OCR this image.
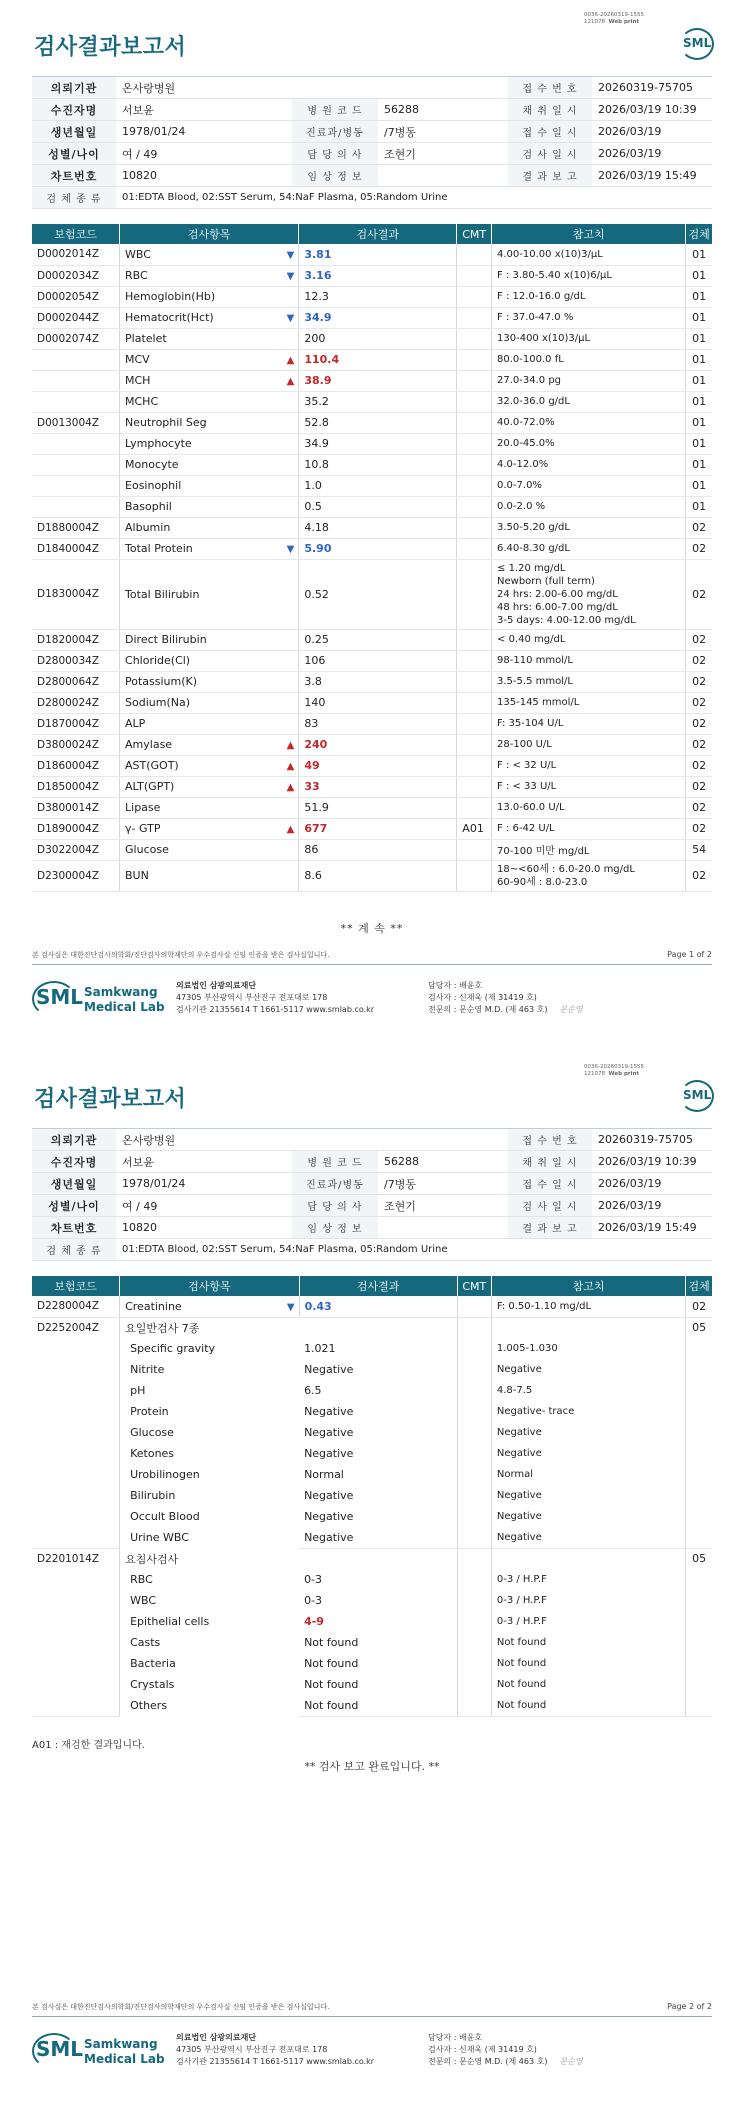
0036-20260319-1555
121078 Web print
검사결과보고서	SML
의뢰기관	온사랑병원			접 수 번 호	20260319-75705
수진자명	서보윤	병 원 코 드	56288	채 취 일 시	2026/03/19 10:39
생년월일	1978/01/24	진료과/병동	/7병동	접 수 일 시	2026/03/19
성별/나이	여 / 49	담 당 의 사	조현기	검 사 일 시	2026/03/19
차트번호	10820	임 상 정 보		결 과 보 고	2026/03/19 15:49
검 체 종 류	01:EDTA Blood, 02:SST Serum, 54:NaF Plasma, 05:Random Urine				
보험코드	검사항목		검사결과	CMT	참고치	검체
D0002014Z	WBC	▼	3.81		4.00-10.00 x(10)3/μL	01
D0002034Z	RBC	▼	3.16		F : 3.80-5.40 x(10)6/μL	01
D0002054Z	Hemoglobin(Hb)		12.3		F : 12.0-16.0 g/dL	01
D0002044Z	Hematocrit(Hct)	▼	34.9		F : 37.0-47.0 %	01
D0002074Z	Platelet		200		130-400 x(10)3/μL	01
	MCV	▲	110.4		80.0-100.0 fL	01
	MCH	▲	38.9		27.0-34.0 pg	01
	MCHC		35.2		32.0-36.0 g/dL	01
D0013004Z	Neutrophil Seg		52.8		40.0-72.0%	01
	Lymphocyte		34.9		20.0-45.0%	01
	Monocyte		10.8		4.0-12.0%	01
	Eosinophil		1.0		0.0-7.0%	01
	Basophil		0.5		0.0-2.0 %	01
D1880004Z	Albumin		4.18		3.50-5.20 g/dL	02
D1840004Z	Total Protein	▼	5.90		6.40-8.30 g/dL	02
D1830004Z	Total Bilirubin		0.52		≤ 1.20 mg/dL
Newborn (full term)
24 hrs: 2.00-6.00 mg/dL
48 hrs: 6.00-7.00 mg/dL
3-5 days: 4.00-12.00 mg/dL	02
D1820004Z	Direct Bilirubin		0.25		< 0.40 mg/dL	02
D2800034Z	Chloride(Cl)		106		98-110 mmol/L	02
D2800064Z	Potassium(K)		3.8		3.5-5.5 mmol/L	02
D2800024Z	Sodium(Na)		140		135-145 mmol/L	02
D1870004Z	ALP		83		F: 35-104 U/L	02
D3800024Z	Amylase	▲	240		28-100 U/L	02
D1860004Z	AST(GOT)	▲	49		F : < 32 U/L	02
D1850004Z	ALT(GPT)	▲	33		F : < 33 U/L	02
D3800014Z	Lipase		51.9		13.0-60.0 U/L	02
D1890004Z	γ- GTP	▲	677	A01	F : 6-42 U/L	02
D3022004Z	Glucose		86		70-100 미만 mg/dL	54
D2300004Z	BUN		8.6		18~<60세 : 6.0-20.0 mg/dL
60-90세 : 8.0-23.0	02
** 계 속 **
본 검사실은 대한진단검사의학회/진단검사의학재단의 우수검사실 신임 인증을 받은 검사실입니다.	Page 1 of 2
SML Samkwang
Medical Lab
의료법인 삼광의료재단
47305 부산광역시 부산진구 전포대로 178
검사기관 21355614 T 1661-5117 www.smlab.co.kr
담당자 : 배윤호
검사자 : 신재욱 (제 31419 호)
전문의 : 문순영 M.D. (제 463 호) 문순영
0036-20260319-1555
121078 Web print
검사결과보고서	SML
의뢰기관	온사랑병원			접 수 번 호	20260319-75705
수진자명	서보윤	병 원 코 드	56288	채 취 일 시	2026/03/19 10:39
생년월일	1978/01/24	진료과/병동	/7병동	접 수 일 시	2026/03/19
성별/나이	여 / 49	담 당 의 사	조현기	검 사 일 시	2026/03/19
차트번호	10820	임 상 정 보		결 과 보 고	2026/03/19 15:49
검 체 종 류	01:EDTA Blood, 02:SST Serum, 54:NaF Plasma, 05:Random Urine				
보험코드	검사항목		검사결과	CMT	참고치	검체
D2280004Z	Creatinine	▼	0.43		F: 0.50-1.10 mg/dL	02
D2252004Z	요일반검사 7종					05
	Specific gravity		1.021		1.005-1.030	
	Nitrite		Negative		Negative	
	pH		6.5		4.8-7.5	
	Protein		Negative		Negative- trace	
	Glucose		Negative		Negative	
	Ketones		Negative		Negative	
	Urobilinogen		Normal		Normal	
	Bilirubin		Negative		Negative	
	Occult Blood		Negative		Negative	
	Urine WBC		Negative		Negative	
D2201014Z	요침사검사					05
	RBC		0-3		0-3 / H.P.F	
	WBC		0-3		0-3 / H.P.F	
	Epithelial cells		4-9		0-3 / H.P.F	
	Casts		Not found		Not found	
	Bacteria		Not found		Not found	
	Crystals		Not found		Not found	
	Others		Not found		Not found	
A01 : 재검한 결과입니다.
** 검사 보고 완료입니다. **
본 검사실은 대한진단검사의학회/진단검사의학재단의 우수검사실 신임 인증을 받은 검사실입니다.	Page 2 of 2
SML Samkwang
Medical Lab
의료법인 삼광의료재단
47305 부산광역시 부산진구 전포대로 178
검사기관 21355614 T 1661-5117 www.smlab.co.kr
담당자 : 배윤호
검사자 : 신재욱 (제 31419 호)
전문의 : 문순영 M.D. (제 463 호) 문순영
